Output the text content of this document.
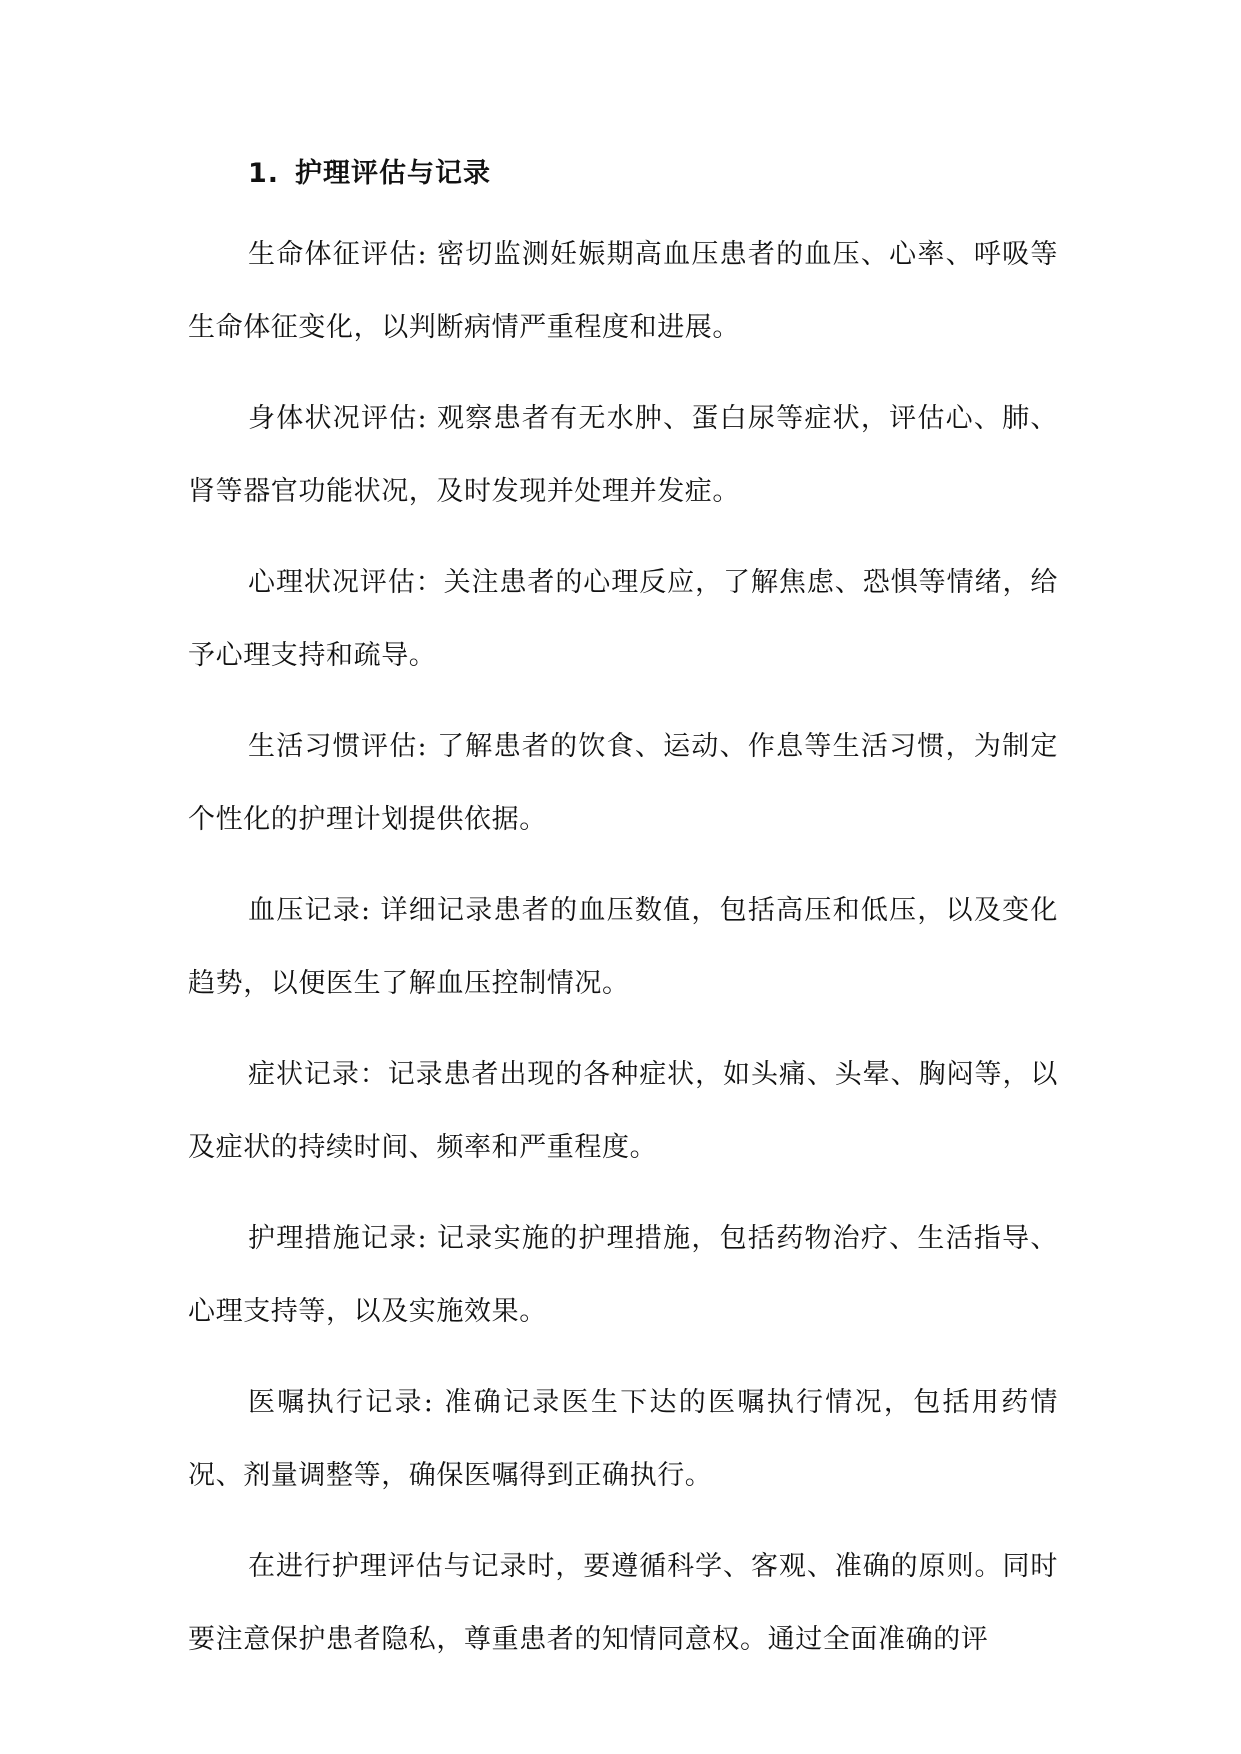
1. 护理评估与记录

生命体征评估: 密切监测妊娠期高血压患者的血压、心率、呼吸等生命体征变化，以判断病情严重程度和进展。

身体状况评估: 观察患者有无水肿、蛋白尿等症状，评估心、肺、肾等器官功能状况，及时发现并处理并发症。

心理状况评估：关注患者的心理反应，了解焦虑、恐惧等情绪，给予心理支持和疏导。

生活习惯评估: 了解患者的饮食、运动、作息等生活习惯，为制定个性化的护理计划提供依据。

血压记录: 详细记录患者的血压数值，包括高压和低压，以及变化趋势，以便医生了解血压控制情况。

症状记录：记录患者出现的各种症状，如头痛、头晕、胸闷等，以及症状的持续时间、频率和严重程度。

护理措施记录: 记录实施的护理措施，包括药物治疗、生活指导、心理支持等，以及实施效果。

医嘱执行记录: 准确记录医生下达的医嘱执行情况，包括用药情况、剂量调整等，确保医嘱得到正确执行。

在进行护理评估与记录时，要遵循科学、客观、准确的原则。同时要注意保护患者隐私，尊重患者的知情同意权。通过全面准确的评
